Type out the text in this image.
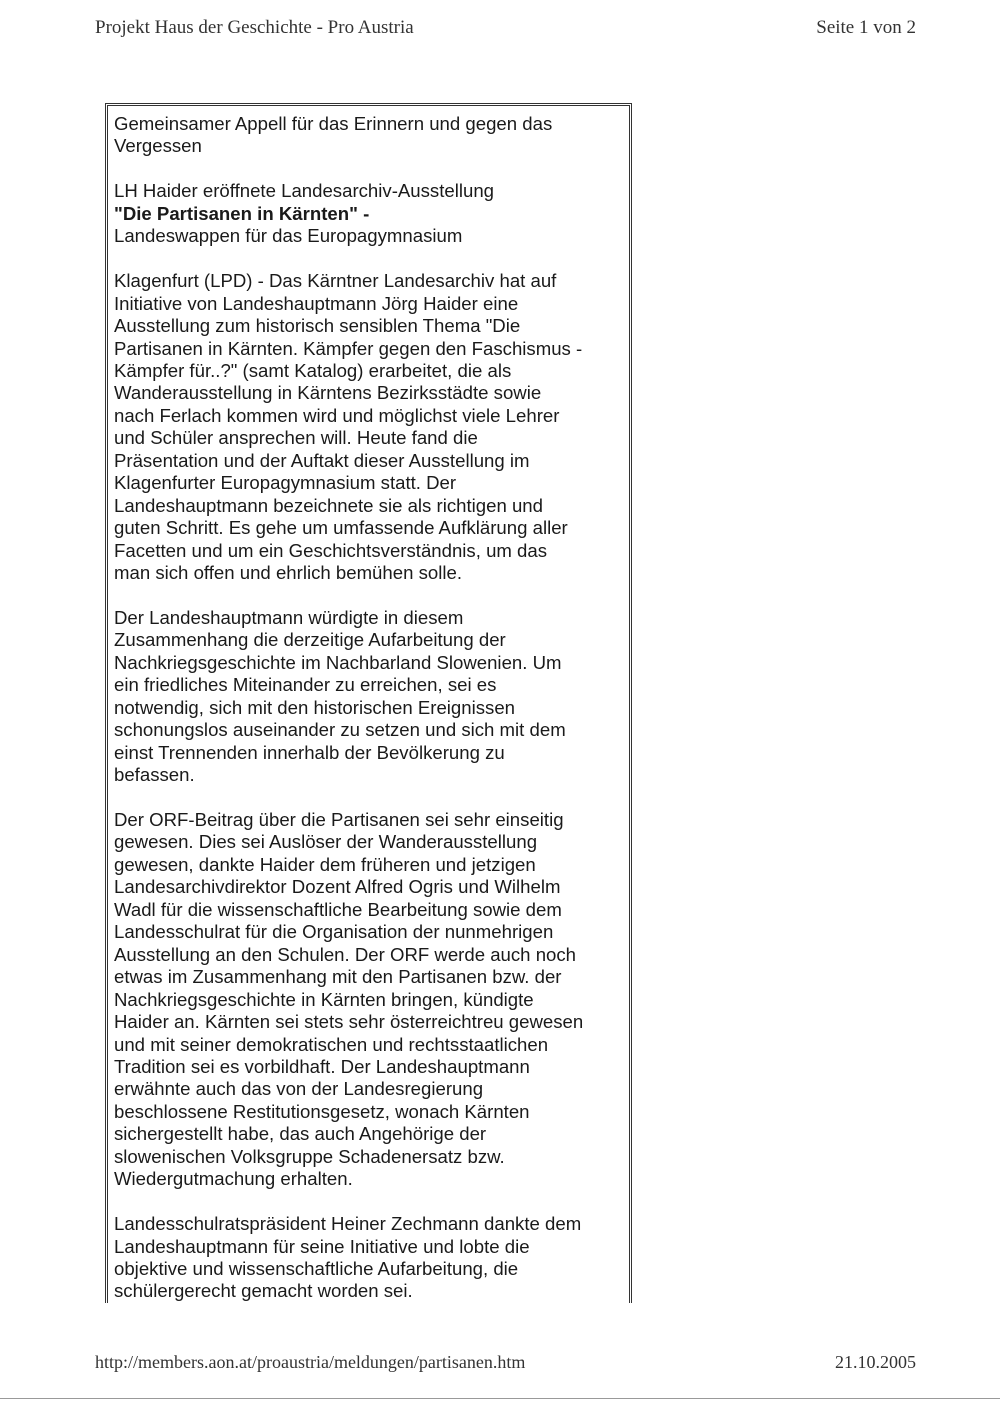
Projekt Haus der Geschichte - Pro Austria	Seite 1 von 2

Gemeinsamer Appell für das Erinnern und gegen das
Vergessen

LH Haider eröffnete Landesarchiv-Ausstellung
"Die Partisanen in Kärnten" -
Landeswappen für das Europagymnasium

Klagenfurt (LPD) - Das Kärntner Landesarchiv hat auf
Initiative von Landeshauptmann Jörg Haider eine
Ausstellung zum historisch sensiblen Thema "Die
Partisanen in Kärnten. Kämpfer gegen den Faschismus -
Kämpfer für..?" (samt Katalog) erarbeitet, die als
Wanderausstellung in Kärntens Bezirksstädte sowie
nach Ferlach kommen wird und möglichst viele Lehrer
und Schüler ansprechen will. Heute fand die
Präsentation und der Auftakt dieser Ausstellung im
Klagenfurter Europagymnasium statt. Der
Landeshauptmann bezeichnete sie als richtigen und
guten Schritt. Es gehe um umfassende Aufklärung aller
Facetten und um ein Geschichtsverständnis, um das
man sich offen und ehrlich bemühen solle.

Der Landeshauptmann würdigte in diesem
Zusammenhang die derzeitige Aufarbeitung der
Nachkriegsgeschichte im Nachbarland Slowenien. Um
ein friedliches Miteinander zu erreichen, sei es
notwendig, sich mit den historischen Ereignissen
schonungslos auseinander zu setzen und sich mit dem
einst Trennenden innerhalb der Bevölkerung zu
befassen.

Der ORF-Beitrag über die Partisanen sei sehr einseitig
gewesen. Dies sei Auslöser der Wanderausstellung
gewesen, dankte Haider dem früheren und jetzigen
Landesarchivdirektor Dozent Alfred Ogris und Wilhelm
Wadl für die wissenschaftliche Bearbeitung sowie dem
Landesschulrat für die Organisation der nunmehrigen
Ausstellung an den Schulen. Der ORF werde auch noch
etwas im Zusammenhang mit den Partisanen bzw. der
Nachkriegsgeschichte in Kärnten bringen, kündigte
Haider an. Kärnten sei stets sehr österreichtreu gewesen
und mit seiner demokratischen und rechtsstaatlichen
Tradition sei es vorbildhaft. Der Landeshauptmann
erwähnte auch das von der Landesregierung
beschlossene Restitutionsgesetz, wonach Kärnten
sichergestellt habe, das auch Angehörige der
slowenischen Volksgruppe Schadenersatz bzw.
Wiedergutmachung erhalten.

Landesschulratspräsident Heiner Zechmann dankte dem
Landeshauptmann für seine Initiative und lobte die
objektive und wissenschaftliche Aufarbeitung, die
schülergerecht gemacht worden sei.

http://members.aon.at/proaustria/meldungen/partisanen.htm	21.10.2005
